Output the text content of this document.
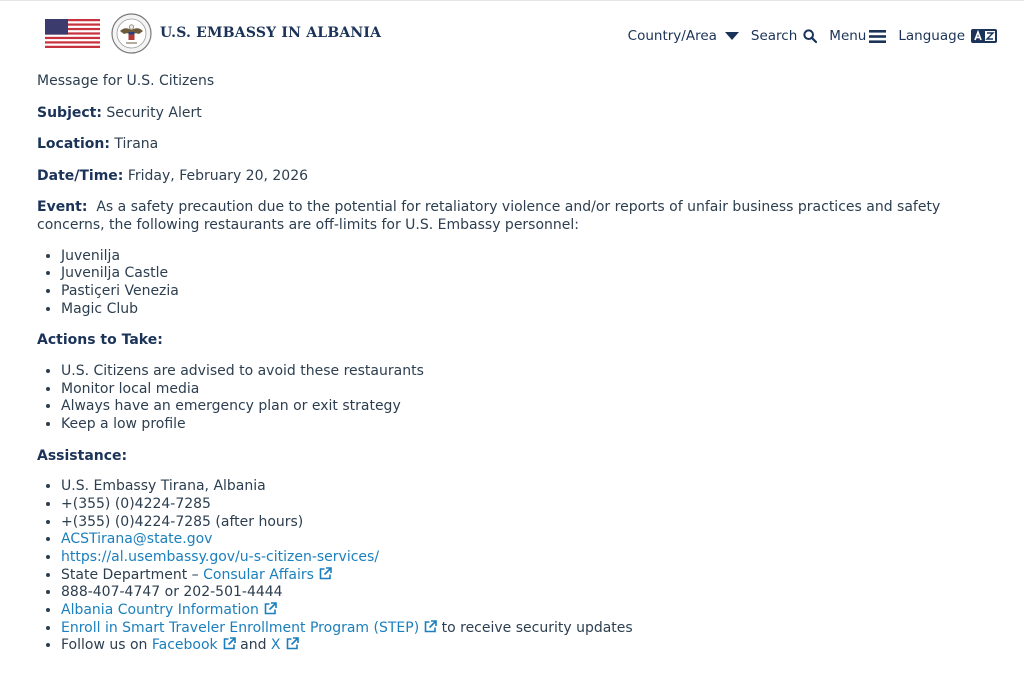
U.S. EMBASSY IN ALBANIA	Country/Area	Search Menu Language

Message for U.S. Citizens

Subject: Security Alert

Location: Tirana

Date/Time: Friday, February 20, 2026

Event: As a safety precaution due to the potential for retaliatory violence and/or reports of unfair business practices and safety concerns, the following restaurants are off-limits for U.S. Embassy personnel:

• Juvenilja
• Juvenilja Castle
• Pastiçeri Venezia
• Magic Club

Actions to Take:

• U.S. Citizens are advised to avoid these restaurants
• Monitor local media
• Always have an emergency plan or exit strategy
• Keep a low profile

Assistance:

• U.S. Embassy Tirana, Albania
• +(355) (0)4224-7285
• +(355) (0)4224-7285 (after hours)
• ACSTirana@state.gov
• https://al.usembassy.gov/u-s-citizen-services/
• State Department – Consular Affairs
• 888-407-4747 or 202-501-4444
• Albania Country Information
• Enroll in Smart Traveler Enrollment Program (STEP) to receive security updates
• Follow us on Facebook and X
